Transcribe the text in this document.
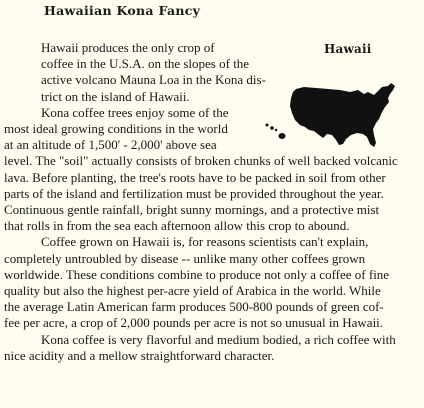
Hawaiian Kona Fancy
Hawaii

Hawaii produces the only crop of
coffee in the U.S.A. on the slopes of the
active volcano Mauna Loa in the Kona dis-
trict on the island of Hawaii.

Kona coffee trees enjoy some of the
most ideal growing conditions in the world
at an altitude of 1,500' - 2,000' above sea
level. The "soil" actually consists of broken chunks of well backed volcanic
lava. Before planting, the tree's roots have to be packed in soil from other
parts of the island and fertilization must be provided throughout the year.
Continuous gentle rainfall, bright sunny mornings, and a protective mist
that rolls in from the sea each afternoon allow this crop to abound.

Coffee grown on Hawaii is, for reasons scientists can't explain,
completely untroubled by disease -- unlike many other coffees grown
worldwide. These conditions combine to produce not only a coffee of fine
quality but also the highest per-acre yield of Arabica in the world. While
the average Latin American farm produces 500-800 pounds of green cof-
fee per acre, a crop of 2,000 pounds per acre is not so unusual in Hawaii.

Kona coffee is very flavorful and medium bodied, a rich coffee with
nice acidity and a mellow straightforward character.
